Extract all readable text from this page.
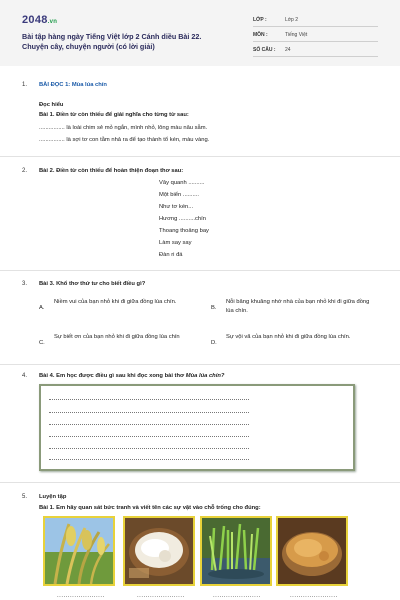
2048.vn
Bài tập hàng ngày Tiếng Việt lớp 2 Cánh diều Bài 22.
Chuyện cây, chuyện người (có lời giải)
LỚP :	Lớp 2
MÔN :	Tiếng Việt
SỐ CÂU : 24
1. BÀI ĐỌC 1: Mùa lúa chín
Đọc hiểu
Bài 1. Điền từ còn thiếu để giải nghĩa cho từng từ sau:
................ là loài chim sẻ mỏ ngắn, mình nhỏ, lông màu nâu sẫm.
................ là sợi tơ con tằm nhả ra để tạo thành tổ kén, màu vàng.
2. Bài 2. Điền từ còn thiếu để hoàn thiện đoạn thơ sau:
Vây quanh ..........
Một biển ..........
Như tơ kén...
Hương ..........chín
Thoang thoảng bay
Làm say say
Đàn ri đá
3. Bài 3. Khổ thơ thứ tư cho biết điều gì?
A.
Niềm vui của bạn nhỏ khi đi giữa đồng lúa chín.
B.
Nỗi băng khuăng nhớ nhà của bạn nhỏ khi đi giữa đồng lúa chín.
C.
Sự biết ơn của bạn nhỏ khi đi giữa đồng lúa chín
D.
Sự vội vã của bạn nhỏ khi đi giữa đồng lúa chín.
4. Bài 4. Em học được điều gì sau khi đọc xong bài thơ Mùa lúa chín?
5. Luyện tập
Bài 1. Em hãy quan sát bức tranh và viết tên các sự vật vào chỗ trống cho đúng:
......................	......................	......................	......................
